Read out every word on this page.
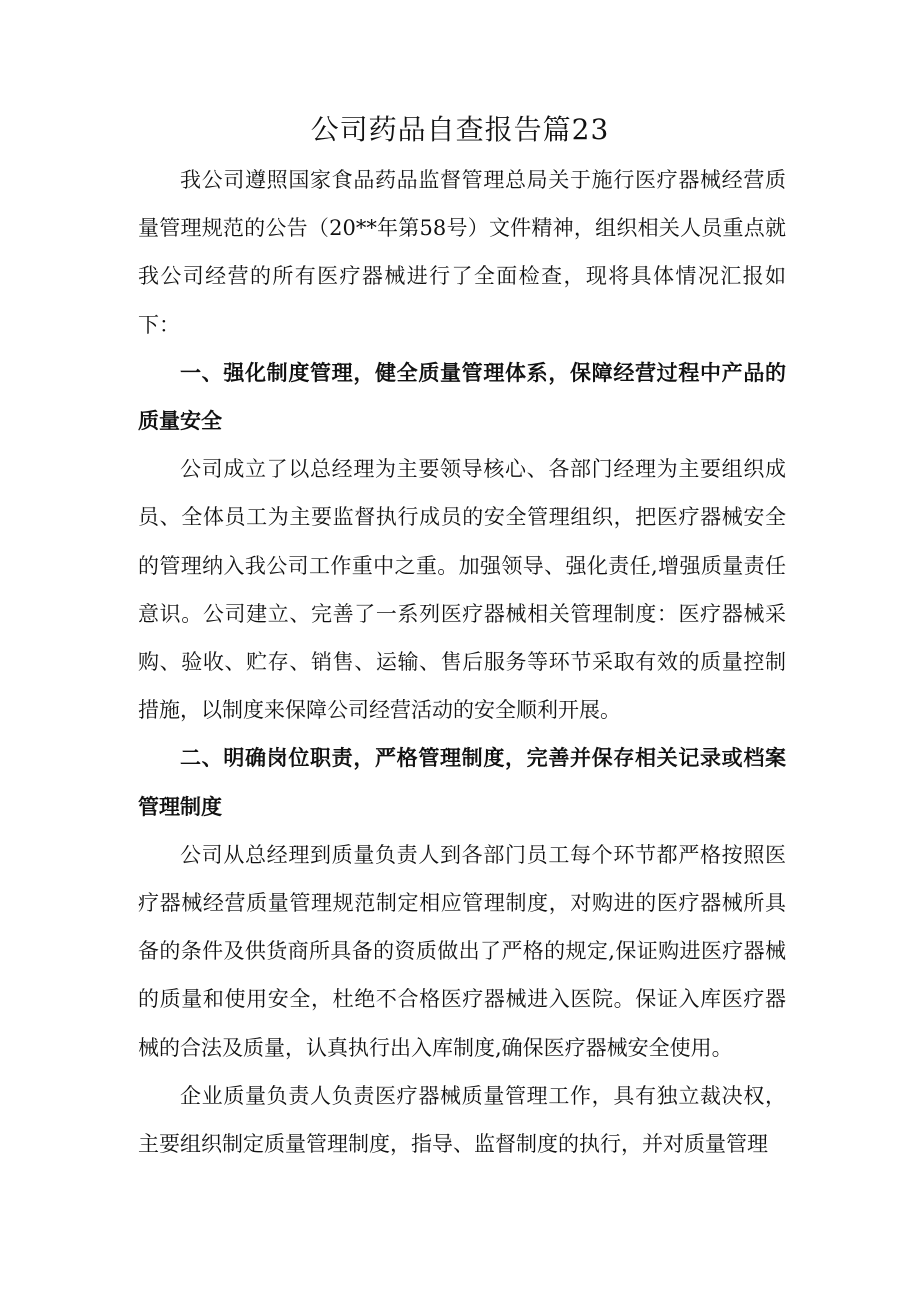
公司药品自查报告篇23

我公司遵照国家食品药品监督管理总局关于施行医疗器械经营质量管理规范的公告（20**年第58号）文件精神，组织相关人员重点就我公司经营的所有医疗器械进行了全面检查，现将具体情况汇报如下：

一、强化制度管理，健全质量管理体系，保障经营过程中产品的质量安全

公司成立了以总经理为主要领导核心、各部门经理为主要组织成员、全体员工为主要监督执行成员的安全管理组织，把医疗器械安全的管理纳入我公司工作重中之重。加强领导、强化责任,增强质量责任意识。公司建立、完善了一系列医疗器械相关管理制度：医疗器械采购、验收、贮存、销售、运输、售后服务等环节采取有效的质量控制措施，以制度来保障公司经营活动的安全顺利开展。

二、明确岗位职责，严格管理制度，完善并保存相关记录或档案管理制度

公司从总经理到质量负责人到各部门员工每个环节都严格按照医疗器械经营质量管理规范制定相应管理制度，对购进的医疗器械所具备的条件及供货商所具备的资质做出了严格的规定,保证购进医疗器械的质量和使用安全，杜绝不合格医疗器械进入医院。保证入库医疗器械的合法及质量，认真执行出入库制度,确保医疗器械安全使用。

企业质量负责人负责医疗器械质量管理工作，具有独立裁决权，主要组织制定质量管理制度，指导、监督制度的执行，并对质量管理
